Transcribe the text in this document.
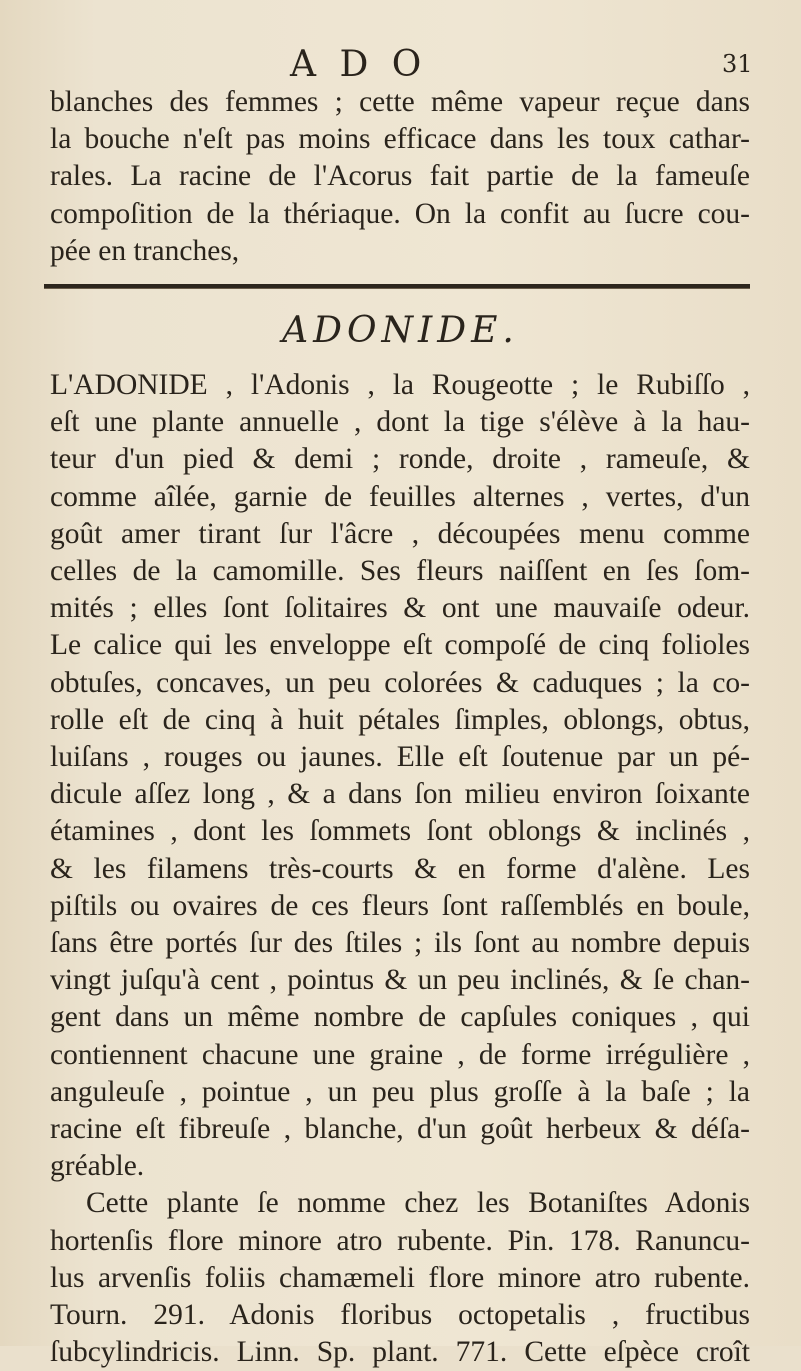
A D O	31
blanches des femmes ; cette même vapeur reçue dans
la bouche n'eſt pas moins efficace dans les toux cathar-
rales. La racine de l'Acorus fait partie de la fameuſe
compoſition de la thériaque. On la confit au ſucre cou-
pée en tranches,
ADONIDE.
L'ADONIDE , l'Adonis , la Rougeotte ; le Rubiſſo ,
eſt une plante annuelle , dont la tige s'élève à la hau-
teur d'un pied & demi ; ronde, droite , rameuſe, &
comme aîlée, garnie de feuilles alternes , vertes, d'un
goût amer tirant ſur l'âcre , découpées menu comme
celles de la camomille. Ses fleurs naiſſent en ſes ſom-
mités ; elles ſont ſolitaires & ont une mauvaiſe odeur.
Le calice qui les enveloppe eſt compoſé de cinq folioles
obtuſes, concaves, un peu colorées & caduques ; la co-
rolle eſt de cinq à huit pétales ſimples, oblongs, obtus,
luiſans , rouges ou jaunes. Elle eſt ſoutenue par un pé-
dicule aſſez long , & a dans ſon milieu environ ſoixante
étamines , dont les ſommets ſont oblongs & inclinés ,
& les filamens très-courts & en forme d'alène. Les
piſtils ou ovaires de ces fleurs ſont raſſemblés en boule,
ſans être portés ſur des ſtiles ; ils ſont au nombre depuis
vingt juſqu'à cent , pointus & un peu inclinés, & ſe chan-
gent dans un même nombre de capſules coniques , qui
contiennent chacune une graine , de forme irrégulière ,
anguleuſe , pointue , un peu plus groſſe à la baſe ; la
racine eſt fibreuſe , blanche, d'un goût herbeux & déſa-
gréable.
Cette plante ſe nomme chez les Botaniſtes Adonis
hortenſis flore minore atro rubente. Pin. 178. Ranuncu-
lus arvenſis foliis chamæmeli flore minore atro rubente.
Tourn. 291. Adonis floribus octopetalis , fructibus
ſubcylindricis. Linn. Sp. plant. 771. Cette eſpèce croît
